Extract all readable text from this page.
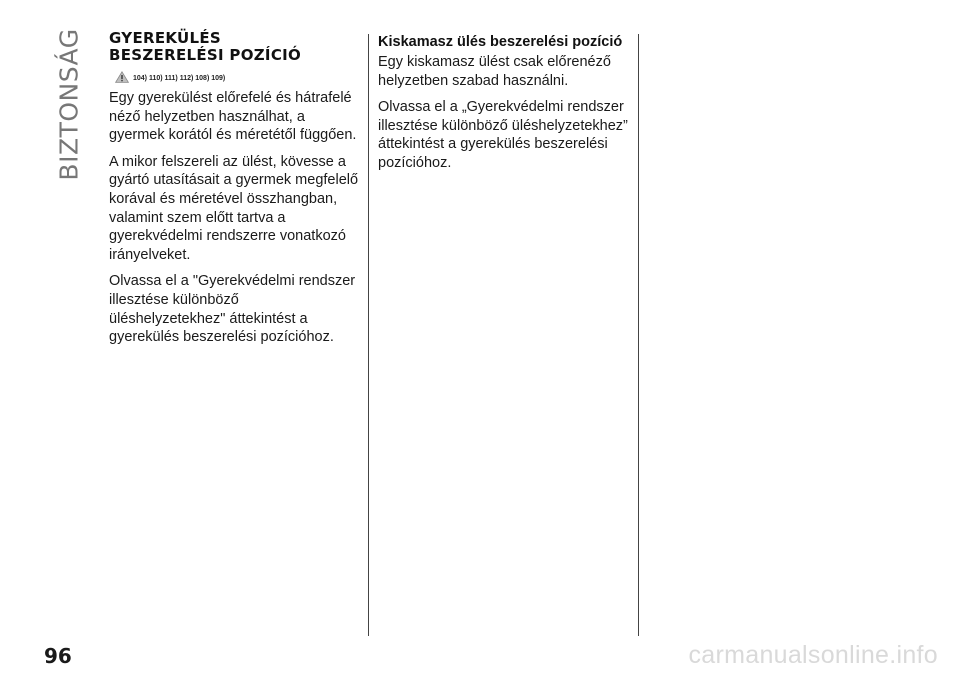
BIZTONSÁG GYEREKÜLÉS
BESZERELÉSI POZÍCIÓ
104) 110) 111) 112) 108) 109)

Egy gyerekülést előrefelé és hátrafelé néző helyzetben használhat, a gyermek korától és méretétől függően.

A mikor felszereli az ülést, kövesse a gyártó utasításait a gyermek megfelelő korával és méretével összhangban, valamint szem előtt tartva a gyerekvédelmi rendszerre vonatkozó irányelveket.

Olvassa el a "Gyerekvédelmi rendszer illesztése különböző üléshelyzetekhez" áttekintést a gyerekülés beszerelési pozícióhoz.

Kiskamasz ülés beszerelési pozíció

Egy kiskamasz ülést csak előrenéző helyzetben szabad használni.

Olvassa el a „Gyerekvédelmi rendszer illesztése különböző üléshelyzetekhez” áttekintést a gyerekülés beszerelési pozícióhoz.

96	carmanualsonline.info
